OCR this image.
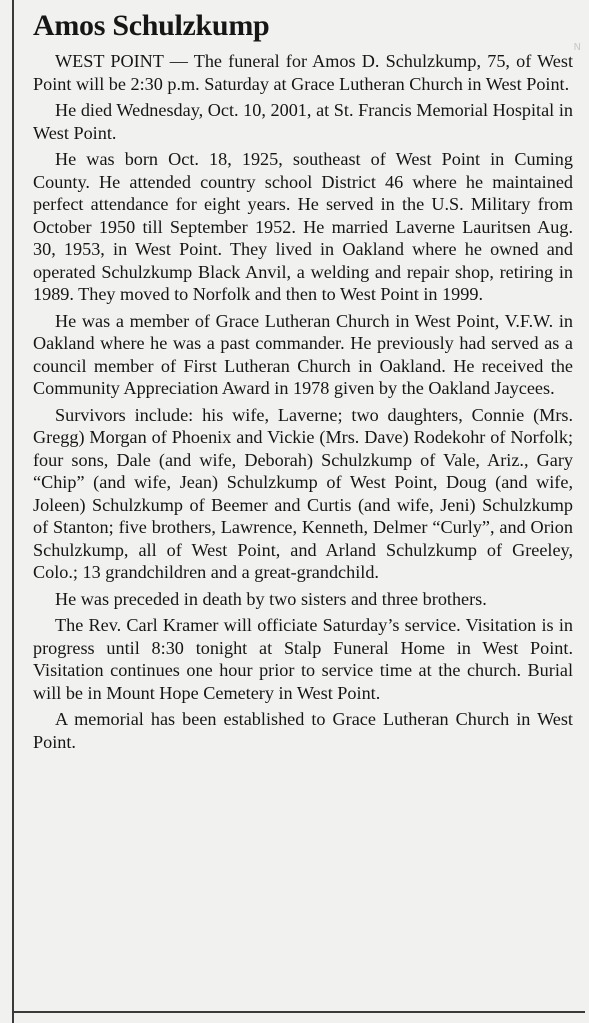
N
Amos Schulzkump

WEST POINT — The funeral for Amos D. Schulzkump, 75, of West Point will be 2:30 p.m. Saturday at Grace Lutheran Church in West Point.

He died Wednesday, Oct. 10, 2001, at St. Francis Memorial Hospital in West Point.

He was born Oct. 18, 1925, southeast of West Point in Cuming County. He attended country school District 46 where he maintained perfect attendance for eight years. He served in the U.S. Military from October 1950 till September 1952. He married Laverne Lauritsen Aug. 30, 1953, in West Point. They lived in Oakland where he owned and operated Schulzkump Black Anvil, a welding and repair shop, retiring in 1989. They moved to Norfolk and then to West Point in 1999.

He was a member of Grace Lutheran Church in West Point, V.F.W. in Oakland where he was a past commander. He previously had served as a council member of First Lutheran Church in Oakland. He received the Community Appreciation Award in 1978 given by the Oakland Jaycees.

Survivors include: his wife, Laverne; two daughters, Connie (Mrs. Gregg) Morgan of Phoenix and Vickie (Mrs. Dave) Rodekohr of Norfolk; four sons, Dale (and wife, Deborah) Schulzkump of Vale, Ariz., Gary “Chip” (and wife, Jean) Schulzkump of West Point, Doug (and wife, Joleen) Schulzkump of Beemer and Curtis (and wife, Jeni) Schulzkump of Stanton; five brothers, Lawrence, Kenneth, Delmer “Curly”, and Orion Schulzkump, all of West Point, and Arland Schulzkump of Greeley, Colo.; 13 grandchildren and a great-grandchild.

He was preceded in death by two sisters and three brothers.

The Rev. Carl Kramer will officiate Saturday’s service. Visitation is in progress until 8:30 tonight at Stalp Funeral Home in West Point. Visitation continues one hour prior to service time at the church. Burial will be in Mount Hope Cemetery in West Point.

A memorial has been established to Grace Lutheran Church in West Point.
